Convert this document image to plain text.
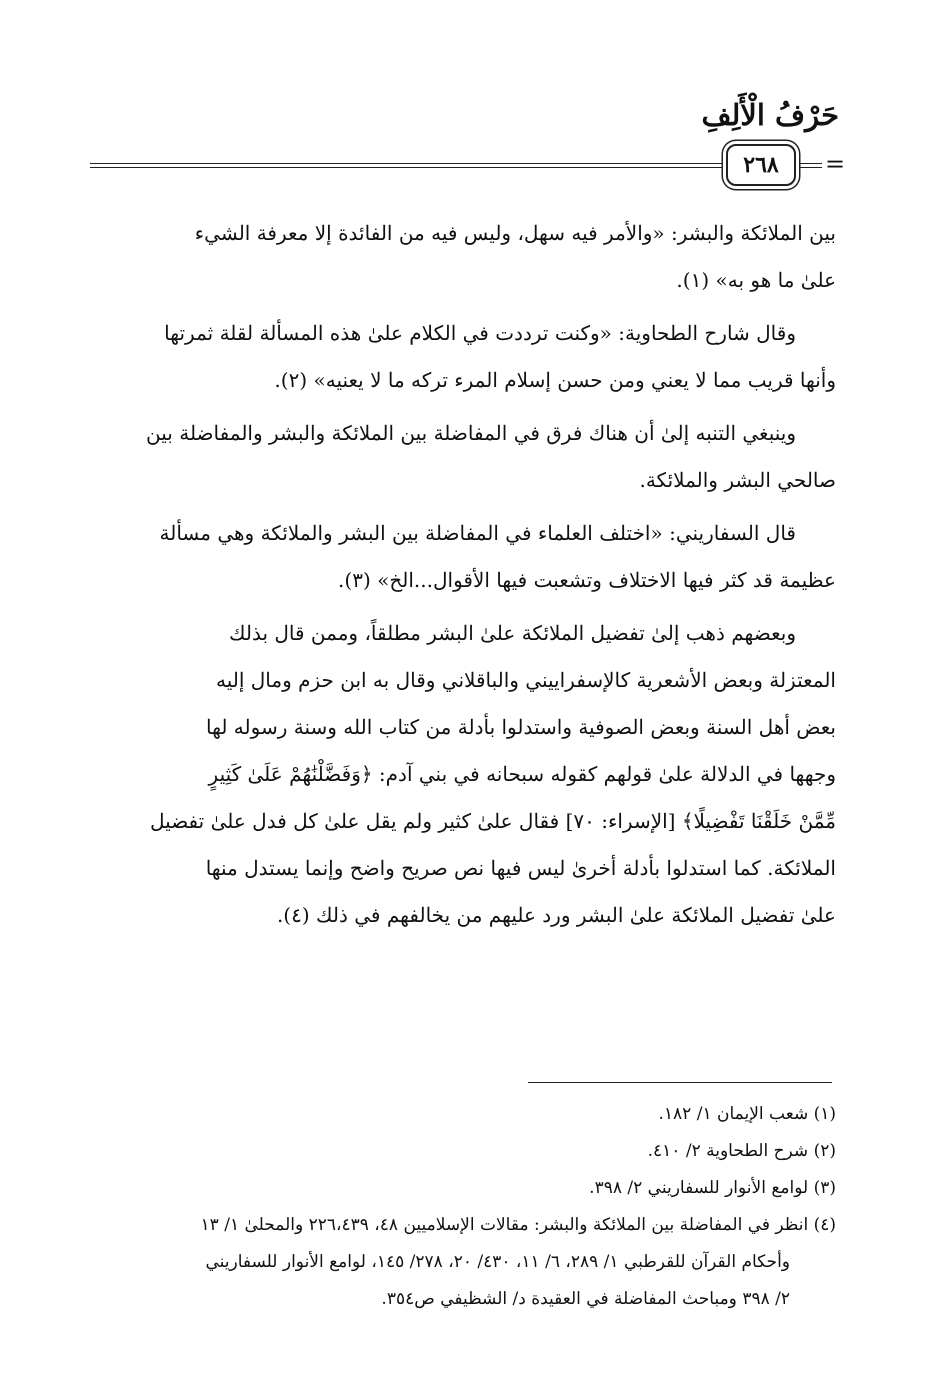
حَرْفُ الْأَلِفِ
٢٦٨	=
بين الملائكة والبشر: «والأمر فيه سهل، وليس فيه من الفائدة إلا معرفة الشيء
علىٰ ما هو به» (١).
وقال شارح الطحاوية: «وكنت ترددت في الكلام علىٰ هذه المسألة لقلة ثمرتها
وأنها قريب مما لا يعني ومن حسن إسلام المرء تركه ما لا يعنيه» (٢).
وينبغي التنبه إلىٰ أن هناك فرق في المفاضلة بين الملائكة والبشر والمفاضلة بين
صالحي البشر والملائكة.
قال السفاريني: «اختلف العلماء في المفاضلة بين البشر والملائكة وهي مسألة
عظيمة قد كثر فيها الاختلاف وتشعبت فيها الأقوال...الخ» (٣).
وبعضهم ذهب إلىٰ تفضيل الملائكة علىٰ البشر مطلقاً، وممن قال بذلك
المعتزلة وبعض الأشعرية كالإسفراييني والباقلاني وقال به ابن حزم ومال إليه
بعض أهل السنة وبعض الصوفية واستدلوا بأدلة من كتاب الله وسنة رسوله لها
وجهها في الدلالة علىٰ قولهم كقوله سبحانه في بني آدم: ﴿وَفَضَّلْنَٰهُمْ عَلَىٰ كَثِيرٍ
مِّمَّنْ خَلَقْنَا تَفْضِيلًا﴾ [الإسراء: ٧٠] فقال علىٰ كثير ولم يقل علىٰ كل فدل علىٰ تفضيل
الملائكة. كما استدلوا بأدلة أخرىٰ ليس فيها نص صريح واضح وإنما يستدل منها
علىٰ تفضيل الملائكة علىٰ البشر ورد عليهم من يخالفهم في ذلك (٤).
(١) شعب الإيمان ١/ ١٨٢.
(٢) شرح الطحاوية ٢/ ٤١٠.
(٣) لوامع الأنوار للسفاريني ٢/ ٣٩٨.
(٤) انظر في المفاضلة بين الملائكة والبشر: مقالات الإسلاميين ٤٨، ٢٢٦،٤٣٩ والمحلىٰ ١/ ١٣
وأحكام القرآن للقرطبي ١/ ٢٨٩، ٦/ ١١، ٤٣٠/ ٢٠، ٢٧٨/ ١٤٥، لوامع الأنوار للسفاريني
٢/ ٣٩٨ ومباحث المفاضلة في العقيدة د/ الشظيفي ص٣٥٤.
